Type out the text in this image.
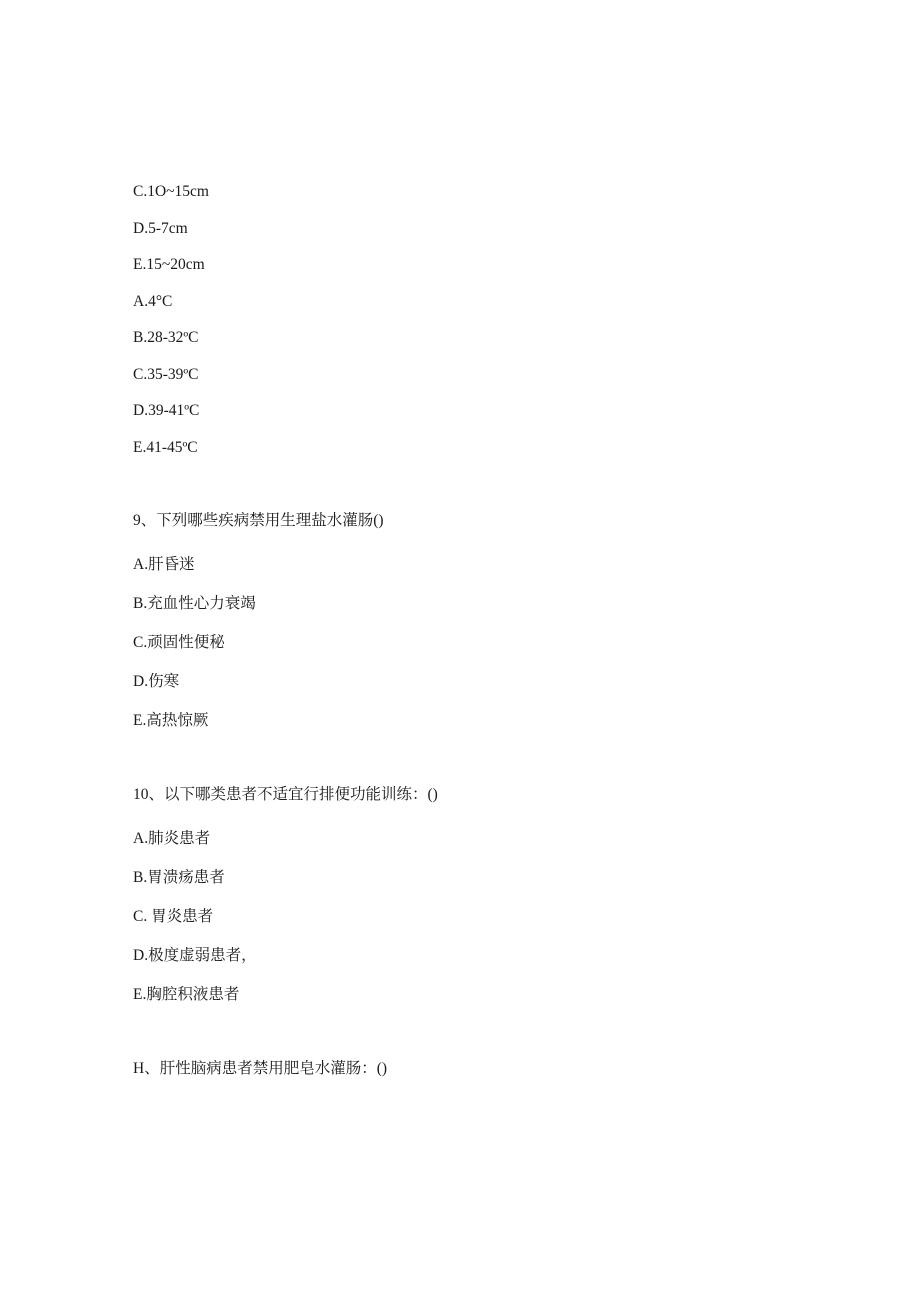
C.1O~15cm
D.5-7cm
E.15~20cm
A.4°C
B.28-32ºC
C.35-39ºC
D.39-41ºC
E.41-45ºC
9、下列哪些疾病禁用生理盐水灌肠()
A.肝昏迷
B.充血性心力衰竭
C.顽固性便秘
D.伤寒
E.高热惊厥
10、以下哪类患者不适宜行排便功能训练：()
A.肺炎患者
B.胃溃疡患者
C. 胃炎患者
D.极度虚弱患者，
E.胸腔积液患者
H、肝性脑病患者禁用肥皂水灌肠：()
